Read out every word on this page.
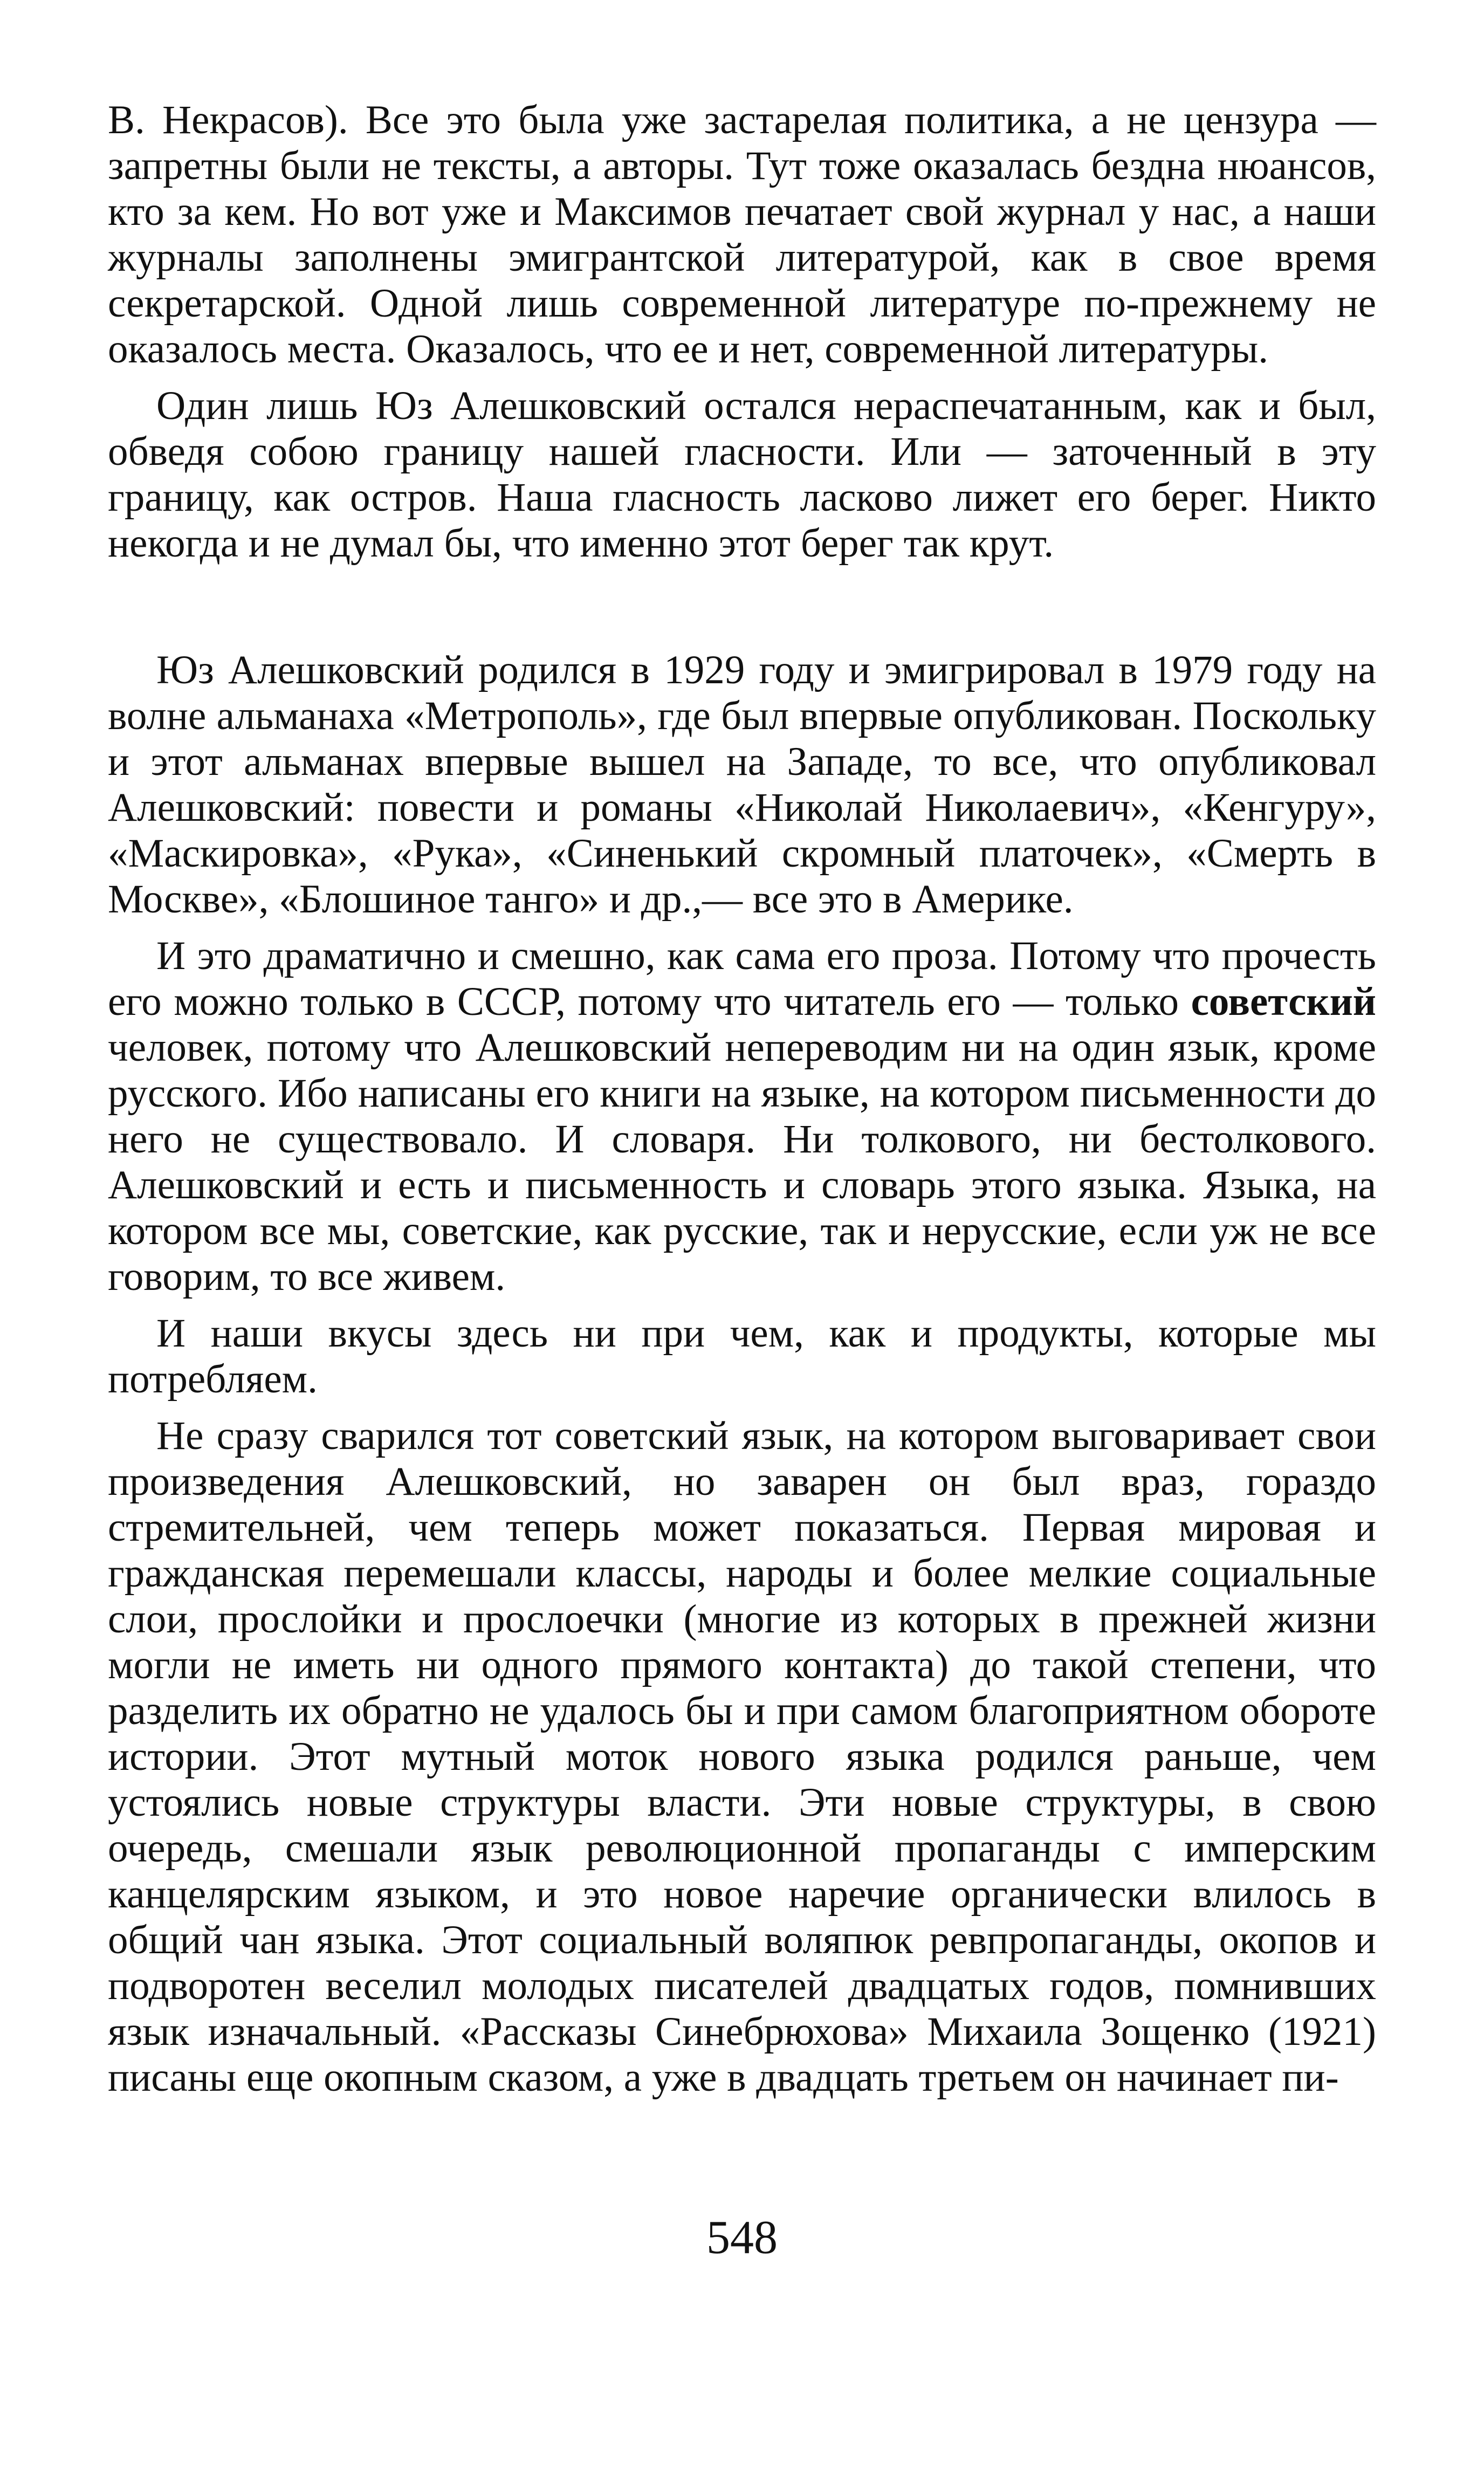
В. Некрасов). Все это была уже застарелая политика, а не цензура — запретны были не тексты, а авторы. Тут тоже оказалась бездна нюансов, кто за кем. Но вот уже и Максимов печатает свой журнал у нас, а наши журналы заполнены эмигрантской литературой, как в свое время секретарской. Одной лишь современной литературе по-прежнему не оказалось места. Оказалось, что ее и нет, современной литературы.

Один лишь Юз Алешковский остался нераспечатанным, как и был, обведя собою границу нашей гласности. Или — заточенный в эту границу, как остров. Наша гласность ласково лижет его берег. Никто некогда и не думал бы, что именно этот берег так крут.

Юз Алешковский родился в 1929 году и эмигрировал в 1979 году на волне альманаха «Метрополь», где был впервые опубликован. Поскольку и этот альманах впервые вышел на Западе, то все, что опубликовал Алешковский: повести и романы «Николай Николаевич», «Кенгуру», «Маскировка», «Рука», «Синенький скромный платочек», «Смерть в Москве», «Блошиное танго» и др.,— все это в Америке.

И это драматично и смешно, как сама его проза. Потому что прочесть его можно только в СССР, потому что читатель его — только советский человек, потому что Алешковский непереводим ни на один язык, кроме русского. Ибо написаны его книги на языке, на котором письменности до него не существовало. И словаря. Ни толкового, ни бестолкового. Алешковский и есть и письменность и словарь этого языка. Языка, на котором все мы, советские, как русские, так и нерусские, если уж не все говорим, то все живем.

И наши вкусы здесь ни при чем, как и продукты, которые мы потребляем.

Не сразу сварился тот советский язык, на котором выговаривает свои произведения Алешковский, но заварен он был враз, гораздо стремительней, чем теперь может показаться. Первая мировая и гражданская перемешали классы, народы и более мелкие социальные слои, прослойки и прослоечки (многие из которых в прежней жизни могли не иметь ни одного прямого контакта) до такой степени, что разделить их обратно не удалось бы и при самом благоприятном обороте истории. Этот мутный моток нового языка родился раньше, чем устоялись новые структуры власти. Эти новые структуры, в свою очередь, смешали язык революционной пропаганды с имперским канцелярским языком, и это новое наречие органически влилось в общий чан языка. Этот социальный воляпюк ревпропаганды, окопов и подворотен веселил молодых писателей двадцатых годов, помнивших язык изначальный. «Рассказы Синебрюхова» Михаила Зощенко (1921) писаны еще окопным сказом, а уже в двадцать третьем он начинает пи-

548
